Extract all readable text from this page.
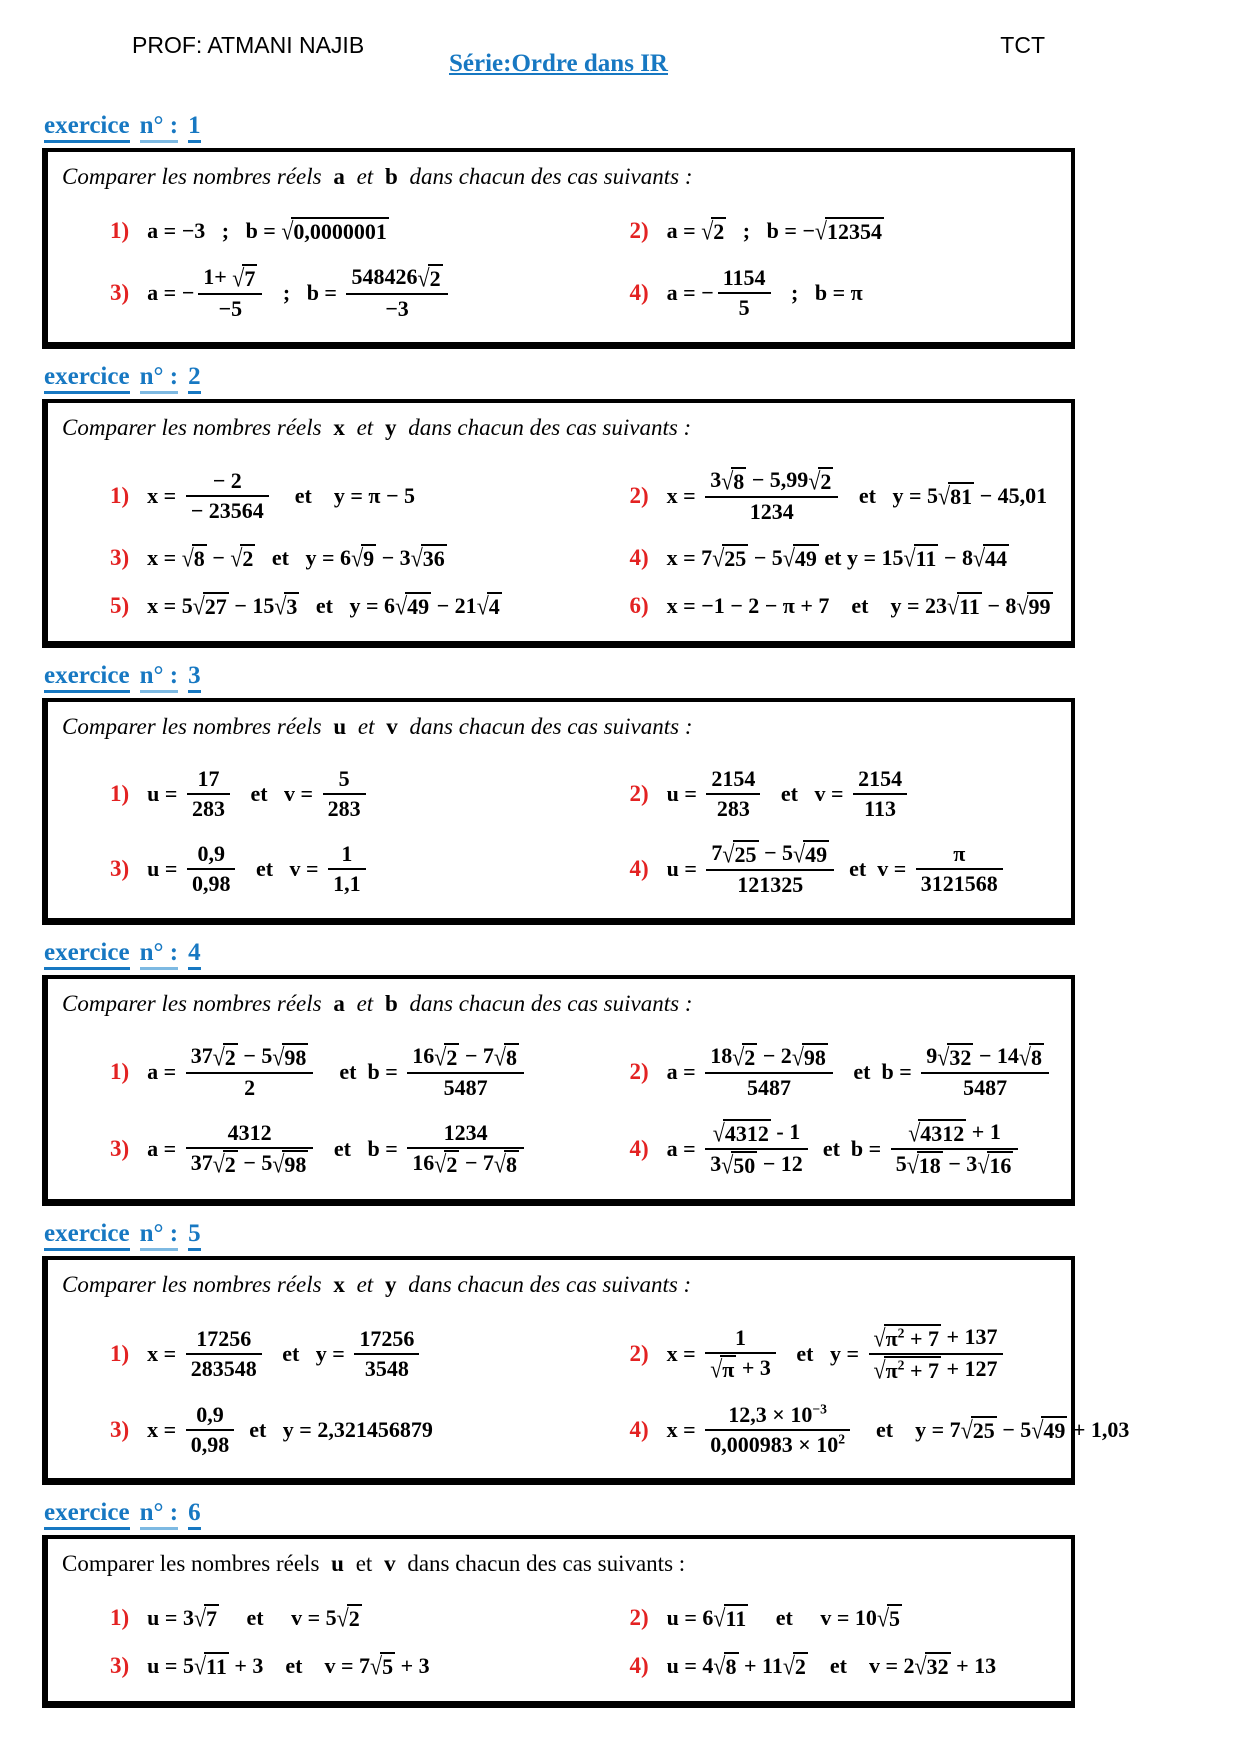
PROF: ATMANI NAJIB
Série:Ordre dans IR
TCT
exercice n° : 1

Comparer les nombres réels a et b dans chacun des cas suivants :

1) a = −3   ;   b = √ 0,0000001	2) a = √ 2 ;   b = − √ 12354
3) a = − $\frac{1+ √ 7}{-5}$ ;   $b = \frac{548426 √ 2}{-3}$	4) a = − $\frac{1154}{5}$ ;   b = π
exercice n° : 2

Comparer les nombres réels x et y dans chacun des cas suivants :

1) $x = \frac{- 2}{- 23564}$ et    y = π − 5	2) $x = \frac{3 √ 8 - 5,99 √ 2}{1234}$ et   y = 5 √ 81 − 45,01
3) x = √ 8 − √ 2 et   y = 6 √ 9 − 3 √ 36	4) x = 7 √ 25 − 5 √ 49 et y = 15 √ 11 − 8 √ 44
5) x = 5 √ 27 − 15 √ 3 et   y = 6 √ 49 − 21 √ 4	6) x = −1 − 2 − π + 7    et    y = 23 √ 11 − 8 √ 99
exercice n° : 3

Comparer les nombres réels u et v dans chacun des cas suivants :

1) $u = \frac{17}{283}$ et   $v = \frac{5}{283}$	2) $u = \frac{2154}{283}$ et   $v = \frac{2154}{113}$
3) $u = \frac{0,9}{0,98}$ et   $v = \frac{1}{1,1}$	4) $u = \frac{7 √ 25 - 5 √ 49}{121325}$ et  $v = \frac{\pi}{3121568}$
exercice n° : 4

Comparer les nombres réels a et b dans chacun des cas suivants :

1) $a = \frac{37 √ 2 - 5 √ 98}{2}$ et  $b = \frac{16 √ 2 - 7 √ 8}{5487}$	2) $a = \frac{18 √ 2 - 2 √ 98}{5487}$ et  $b = \frac{9 √ 32 - 14 √ 8}{5487}$
3) $a = \frac{4312}{37 √ 2 - 5 √ 98}$ et   $b = \frac{1234}{16 √ 2 - 7 √ 8}$	4) $a = \frac{√ 4312 - 1}{3 √ 50 - 12}$ et  $b = \frac{√ 4312 + 1}{5 √ 18 - 3 √ 16}$
exercice n° : 5

Comparer les nombres réels x et y dans chacun des cas suivants :

1) $x = \frac{17256}{283548}$ et   $y = \frac{17256}{3548}$	2) $x = \frac{1}{√ \pi + 3}$ et   $y = \frac{√ \pi^2 + 7 + 137}{√ \pi^2 + 7 + 127}$
3) $x = \frac{0,9}{0,98}$ et   y = 2,321456879	4) $x = \frac{12,3 \times 10^{-3}}{0,000983 \times 10^2}$ et    y = 7 √ 25 − 5 √ 49 + 1,03
exercice n° : 6

Comparer les nombres réels u et v dans chacun des cas suivants :

1) u = 3 √ 7 et     v = 5 √ 2	2) u = 6 √ 11 et     v = 10 √ 5
3) u = 5 √ 11 + 3    et    v = 7 √ 5 + 3	4) u = 4 √ 8 + 11 √ 2 et    v = 2 √ 32 + 13
